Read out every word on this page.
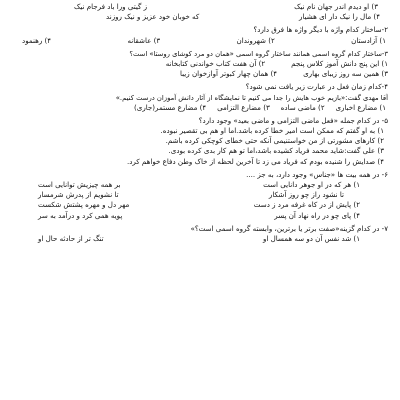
۳) او دیدم اندر جهان نام نیک
ز گیتی ورا باد فرجام نیک
۴) مال را نیک دار ای هشیار
که خوبان خود عزیز و نیک روزند
۲-ساختار کدام واژه با دیگر واژه ها فرق دارد؟
۱) آزادستان
۲) شهروندان
۳) عاشقانه
۴) رهنمود
۳-ساختار کدام گروه اسمی همانند ساختار گروه اسمی «همان دو مرد کوشای روستا» است؟
۱) این پنج دانش آموز کلاس پنجم
۲) آن هفت کتاب خواندنی کتابخانه
۳) همین سه روز زیبای بهاری
۴) همان چهار کبوتر آوازخوان زیبا
۴-کدام زمان فعل در عبارت زیر یافت نمی شود؟
آقا مهدی گفت:«بازیم خوب هایش را جدا می کنیم تا نمایشگاه از آثار دانش آموزان درست کنیم.»
۱) مضارع اخباری
۲) ماضی ساده
۳) مضارع التزامی
۴) مضارع مستمر(جاری)
۵- در کدام جمله «فعل ماضی التزامی و ماضی بعید» وجود دارد؟
۱) به او گفتم که ممکن است امیر خطا کرده باشد.اما او هم بی تقصیر نبوده.
۲) کارهای مشورتی از من خواستنیمی آنکه حتی خطای کوچکی کرده باشم.
۳) علی گفت:شاید محمد فریاد کشیده باشد،اما تو هم کار بدی کرده بودی.
۴) صدایش را شنیده بودم که فریاد می زد تا آخرین لحظه از خاک وطن دفاع خواهم کرد.
۶- در همه بیت ها «جناس» وجود دارد، به جز ....
۱) هر که در او جوهر دانایی است
بر همه چیزیش توانایی است
تا نشود راز چو روز آشکار
تا نشویم از پدرش شرمسار
۲) پایش از در کاه غرفه مرد ز دست
مهر دل و مهره پشتش شکست
۴) پای چو در راه نهاد آن پسر
پویه همی کرد و درآمد به سر
۷- در کدام گزینه«صفت برتر یا برترین، وابسته گروه اسمی است؟»
۱) شد نفس آن دو سه همسال او
تنگ تر از حادثه حال او
